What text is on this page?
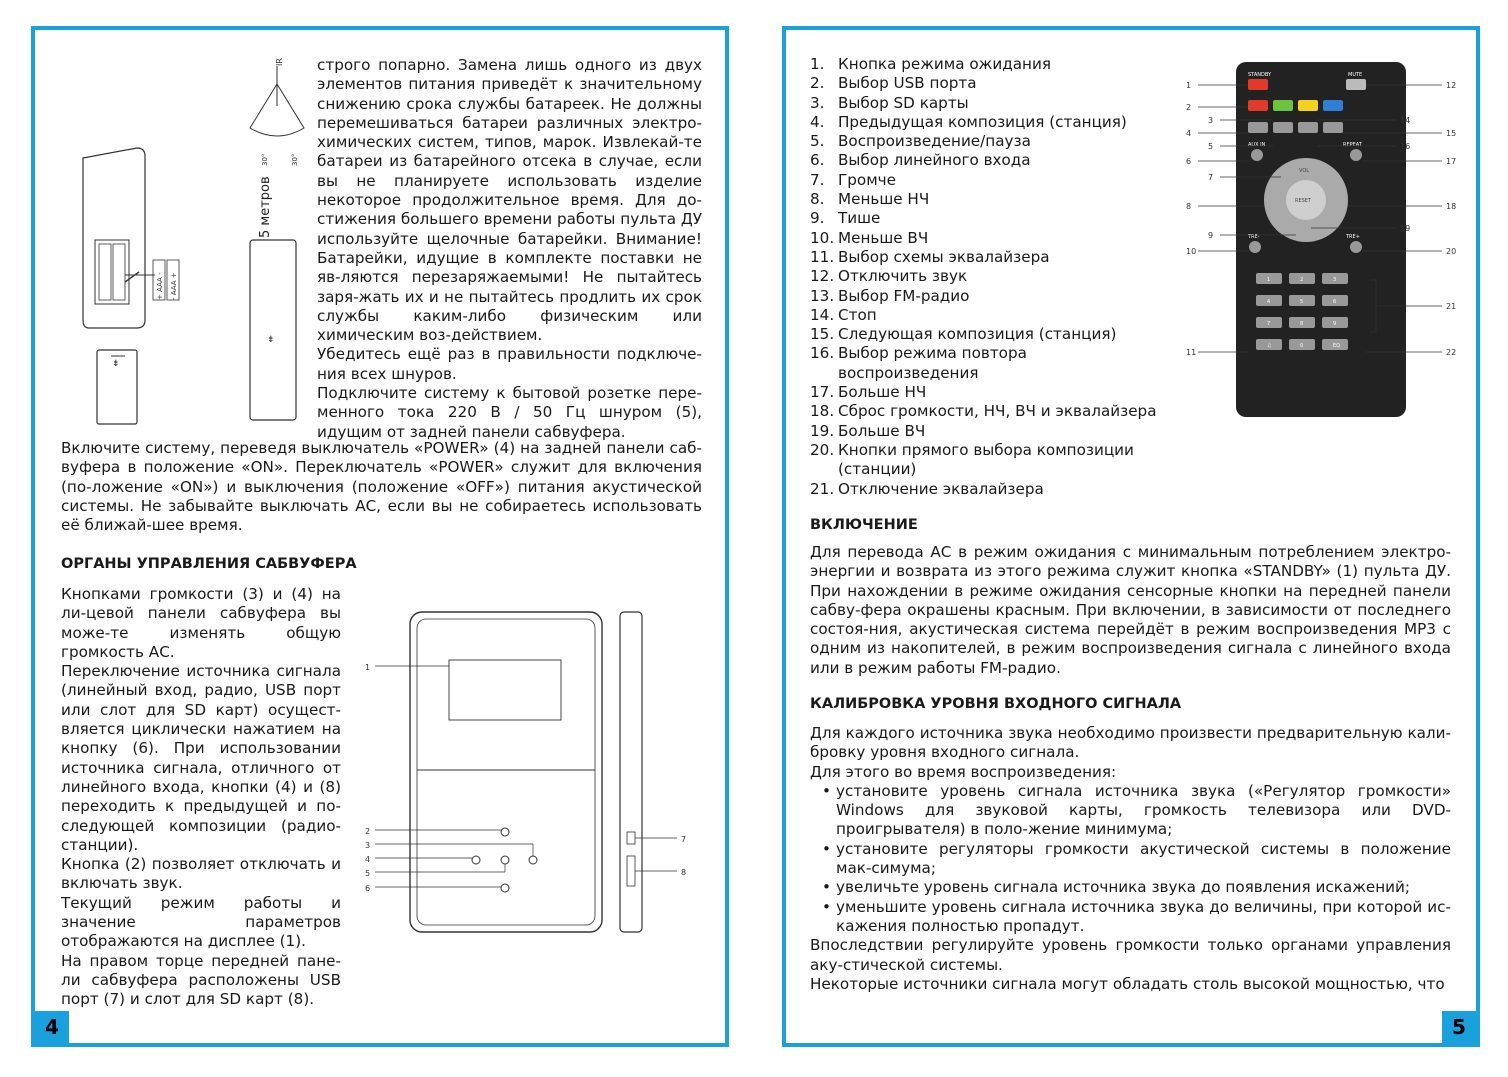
+ AAA - - AAA +
⇟
⇟
IR
30°	30°
5 метров

строго попарно. Замена лишь одного из двух элементов питания приведёт к значительному снижению срока службы батареек. Не должны перемешиваться батареи различных электро-химических систем, типов, марок. Извлекай-те батареи из батарейного отсека в случае, если вы не планируете использовать изделие некоторое продолжительное время. Для до-стижения большего времени работы пульта ДУ используйте щелочные батарейки. Внимание! Батарейки, идущие в комплекте поставки не яв-ляются перезаряжаемыми! Не пытайтесь заря-жать их и не пытайтесь продлить их срок службы каким-либо физическим или химическим воз-действием.

Убедитесь ещё раз в правильности подключе-ния всех шнуров.

Подключите систему к бытовой розетке пере-менного тока 220 В / 50 Гц шнуром (5), идущим от задней панели сабвуфера.

Включите систему, переведя выключатель «POWER» (4) на задней панели саб-вуфера в положение «ON». Переключатель «POWER» служит для включения (по-ложение «ON») и выключения (положение «OFF») питания акустической системы. Не забывайте выключать АС, если вы не собираетесь использовать её ближай-шее время.

ОРГАНЫ УПРАВЛЕНИЯ САБВУФЕРА

Кнопками громкости (3) и (4) на ли-цевой панели сабвуфера вы може-те изменять общую громкость АС.

Переключение источника сигнала (линейный вход, радио, USB порт или слот для SD карт) осущест-вляется циклически нажатием на кнопку (6). При использовании источника сигнала, отличного от линейного входа, кнопки (4) и (8) переходить к предыдущей и по-следующей композиции (радио-станции).

Кнопка (2) позволяет отключать и включать звук.

Текущий режим работы и значение параметров отображаются на дисплее (1).

На правом торце передней пане-ли сабвуфера расположены USB порт (7) и слот для SD карт (8).

1
2
3
4
5
6
7
8
4
1. Кнопка режима ожидания
2. Выбор USB порта
3. Выбор SD карты
4. Предыдущая композиция (станция)
5. Воспроизведение/пауза
6. Выбор линейного входа
7. Громче
8. Меньше НЧ
9. Тише
10. Меньше ВЧ
11. Выбор схемы эквалайзера
12. Отключить звук
13. Выбор FM-радио
14. Стоп
15. Следующая композиция (станция)
16. Выбор режима повтора воспроизведения
17. Больше НЧ
18. Сброс громкости, НЧ, ВЧ и эквалайзера
19. Больше ВЧ
20. Кнопки прямого выбора композиции (станции)
21. Отключение эквалайзера
STANDBY	MUTE
AUX IN	REPEAT
RESET
VOL
TRE-	TRE+
1	2	3
4	5	6
7	8	9
♫	0	EQ
1
2
3
4
5
6
7
8
9
10
11
12
14
15
16
17
18
19
20
21
22
ВКЛЮЧЕНИЕ

Для перевода АС в режим ожидания с минимальным потреблением электро-энергии и возврата из этого режима служит кнопка «STANDBY» (1) пульта ДУ. При нахождении в режиме ожидания сенсорные кнопки на передней панели сабву-фера окрашены красным. При включении, в зависимости от последнего состоя-ния, акустическая система перейдёт в режим воспроизведения MP3 с одним из накопителей, в режим воспроизведения сигнала с линейного входа или в режим работы FM-радио.

КАЛИБРОВКА УРОВНЯ ВХОДНОГО СИГНАЛА

Для каждого источника звука необходимо произвести предварительную кали-бровку уровня входного сигнала.

Для этого во время воспроизведения:

• установите уровень сигнала источника звука («Регулятор громкости» Windows для звуковой карты, громкость телевизора или DVD-проигрывателя) в поло-жение минимума;
• установите регуляторы громкости акустической системы в положение мак-симума;
• увеличьте уровень сигнала источника звука до появления искажений;
• уменьшите уровень сигнала источника звука до величины, при которой ис-кажения полностью пропадут.

Впоследствии регулируйте уровень громкости только органами управления аку-стической системы.

Некоторые источники сигнала могут обладать столь высокой мощностью, что

5
